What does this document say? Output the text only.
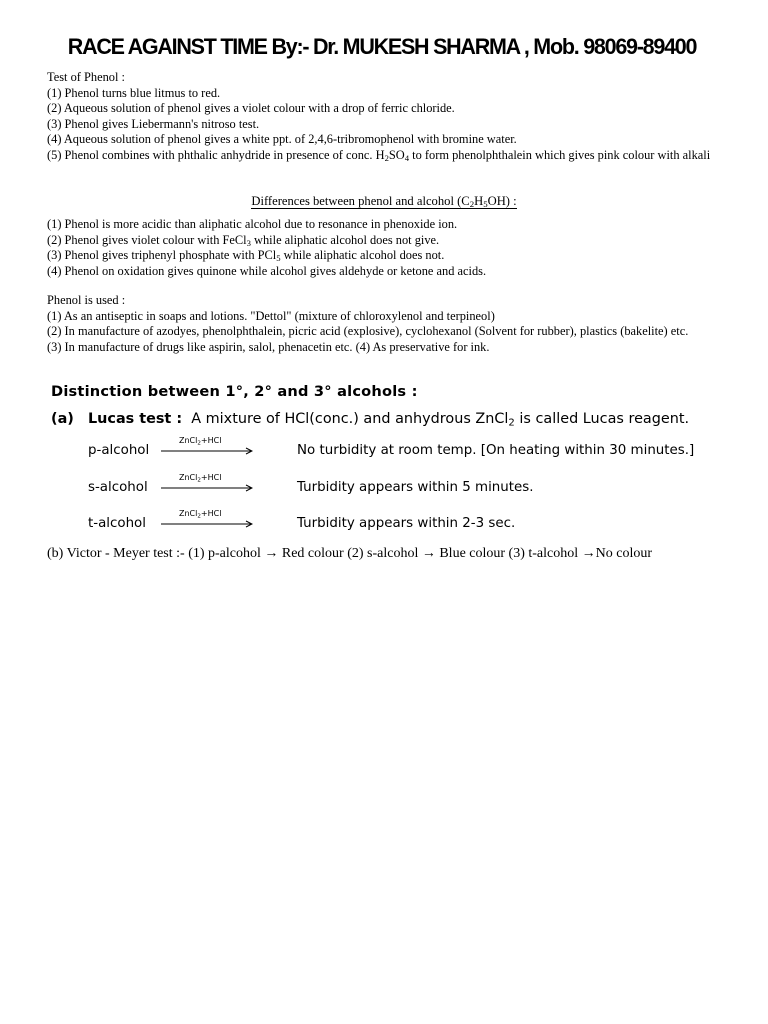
RACE AGAINST TIME By:- Dr. MUKESH SHARMA , Mob. 98069-89400

Test of Phenol :

(1) Phenol turns blue litmus to red.

(2) Aqueous solution of phenol gives a violet colour with a drop of ferric chloride.

(3) Phenol gives Liebermann's nitroso test.

(4) Aqueous solution of phenol gives a white ppt. of 2,4,6-tribromophenol with bromine water.

(5) Phenol combines with phthalic anhydride in presence of conc. $H_2SO_4$ to form phenolphthalein which gives pink colour with alkali

Differences between phenol and alcohol $(C_2H_5OH)$ :

(1) Phenol is more acidic than aliphatic alcohol due to resonance in phenoxide ion.

(2) Phenol gives violet colour with FeCl$_3$ while aliphatic alcohol does not give.

(3) Phenol gives triphenyl phosphate with PCl$_5$ while aliphatic alcohol does not.

(4) Phenol on oxidation gives quinone while alcohol gives aldehyde or ketone and acids.

Phenol is used :

(1) As an antiseptic in soaps and lotions. "Dettol" (mixture of chloroxylenol and terpineol)

(2) In manufacture of azodyes, phenolphthalein, picric acid (explosive), cyclohexanol (Solvent for rubber), plastics (bakelite) etc.

(3) In manufacture of drugs like aspirin, salol, phenacetin etc. (4) As preservative for ink.

Distinction between 1°, 2° and 3° alcohols :
(a) Lucas test : A mixture of HCl(conc.) and anhydrous ZnCl$_2$ is called Lucas reagent.
p-alcohol
ZnCl$_2$+HCl
No turbidity at room temp. [On heating within 30 minutes.]
s-alcohol
ZnCl$_2$+HCl
Turbidity appears within 5 minutes.
t-alcohol
ZnCl$_2$+HCl
Turbidity appears within 2-3 sec.
(b) Victor - Meyer test :- (1) p-alcohol → Red colour (2) s-alcohol → Blue colour (3) t-alcohol →No colour
